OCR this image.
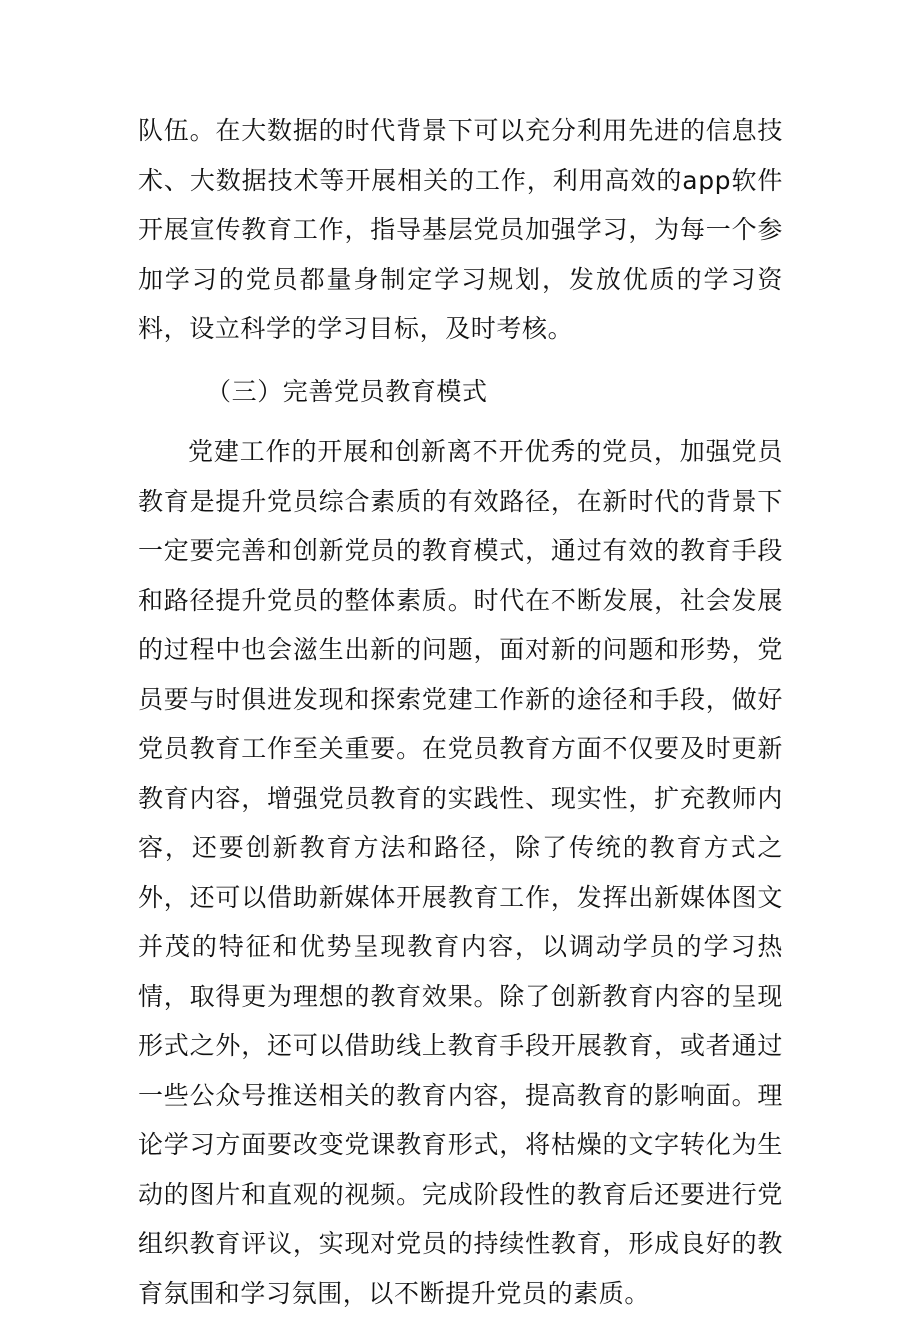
队伍。在大数据的时代背景下可以充分利用先进的信息技术、大数据技术等开展相关的工作，利用高效的app软件开展宣传教育工作，指导基层党员加强学习，为每一个参加学习的党员都量身制定学习规划，发放优质的学习资料，设立科学的学习目标，及时考核。

（三）完善党员教育模式

党建工作的开展和创新离不开优秀的党员，加强党员教育是提升党员综合素质的有效路径，在新时代的背景下一定要完善和创新党员的教育模式，通过有效的教育手段和路径提升党员的整体素质。时代在不断发展，社会发展的过程中也会滋生出新的问题，面对新的问题和形势，党员要与时俱进发现和探索党建工作新的途径和手段，做好党员教育工作至关重要。在党员教育方面不仅要及时更新教育内容，增强党员教育的实践性、现实性，扩充教师内容，还要创新教育方法和路径，除了传统的教育方式之外，还可以借助新媒体开展教育工作，发挥出新媒体图文并茂的特征和优势呈现教育内容，以调动学员的学习热情，取得更为理想的教育效果。除了创新教育内容的呈现形式之外，还可以借助线上教育手段开展教育，或者通过一些公众号推送相关的教育内容，提高教育的影响面。理论学习方面要改变党课教育形式，将枯燥的文字转化为生动的图片和直观的视频。完成阶段性的教育后还要进行党组织教育评议，实现对党员的持续性教育，形成良好的教育氛围和学习氛围，以不断提升党员的素质。
